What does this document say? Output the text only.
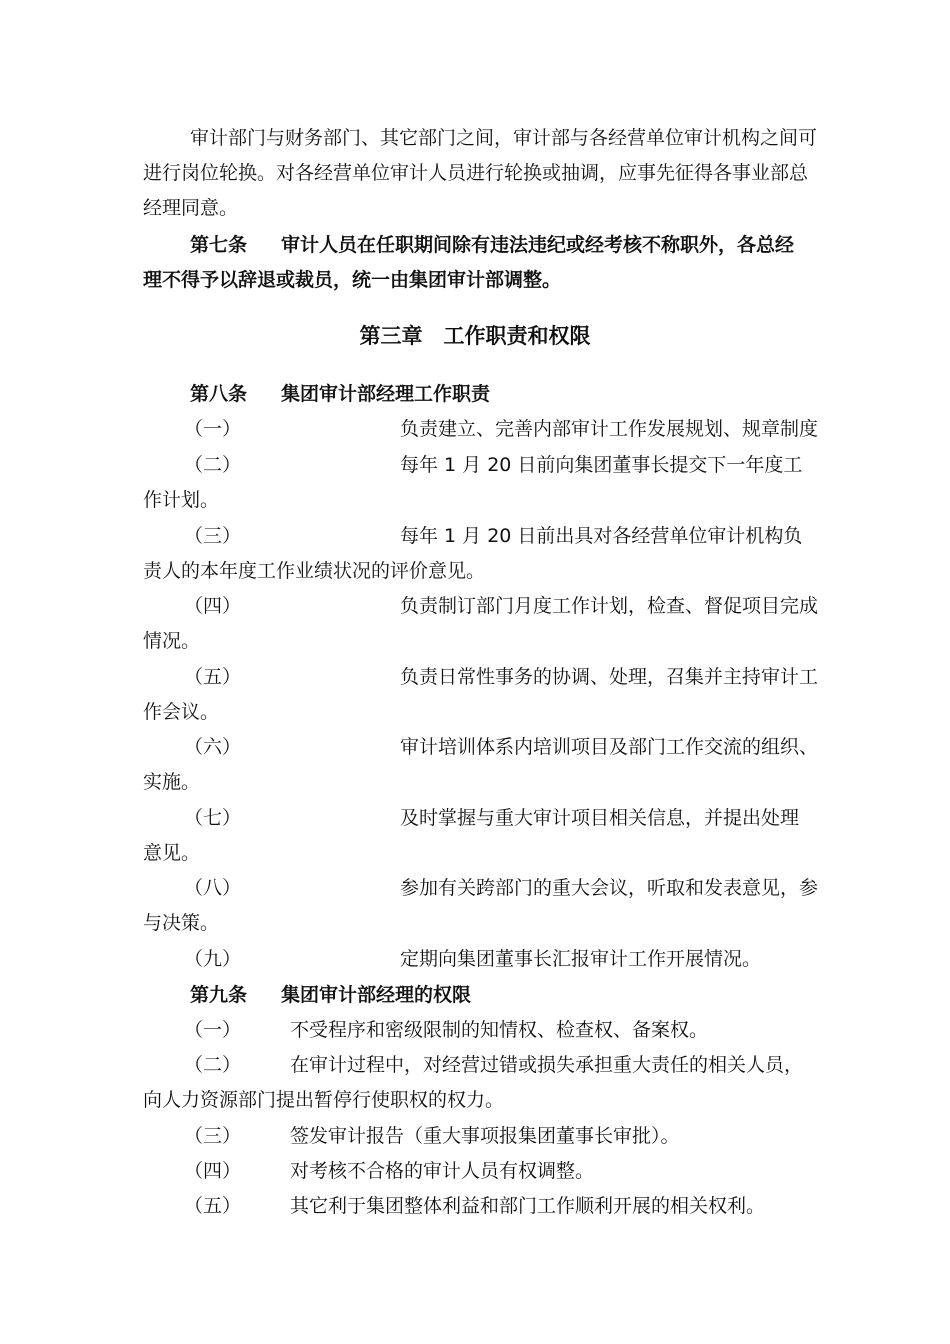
审计部门与财务部门、其它部门之间，审计部与各经营单位审计机构之间可
进行岗位轮换。对各经营单位审计人员进行轮换或抽调，应事先征得各事业部总
经理同意。
第七条 审计人员在任职期间除有违法违纪或经考核不称职外，各总经
理不得予以辞退或裁员，统一由集团审计部调整。
第三章　工作职责和权限
第八条 集团审计部经理工作职责
（一）	负责建立、完善内部审计工作发展规划、规章制度
（二）	每年 1 月 20 日前向集团董事长提交下一年度工
作计划。
（三）	每年 1 月 20 日前出具对各经营单位审计机构负
责人的本年度工作业绩状况的评价意见。
（四）	负责制订部门月度工作计划，检查、督促项目完成
情况。
（五）	负责日常性事务的协调、处理，召集并主持审计工
作会议。
（六）	审计培训体系内培训项目及部门工作交流的组织、
实施。
（七）	及时掌握与重大审计项目相关信息，并提出处理
意见。
（八）	参加有关跨部门的重大会议，听取和发表意见，参
与决策。
（九）	定期向集团董事长汇报审计工作开展情况。
第九条 集团审计部经理的权限
（一）	不受程序和密级限制的知情权、检查权、备案权。
（二）	在审计过程中，对经营过错或损失承担重大责任的相关人员，
向人力资源部门提出暂停行使职权的权力。
（三）	签发审计报告（重大事项报集团董事长审批）。
（四）	对考核不合格的审计人员有权调整。
（五）	其它利于集团整体利益和部门工作顺利开展的相关权利。
